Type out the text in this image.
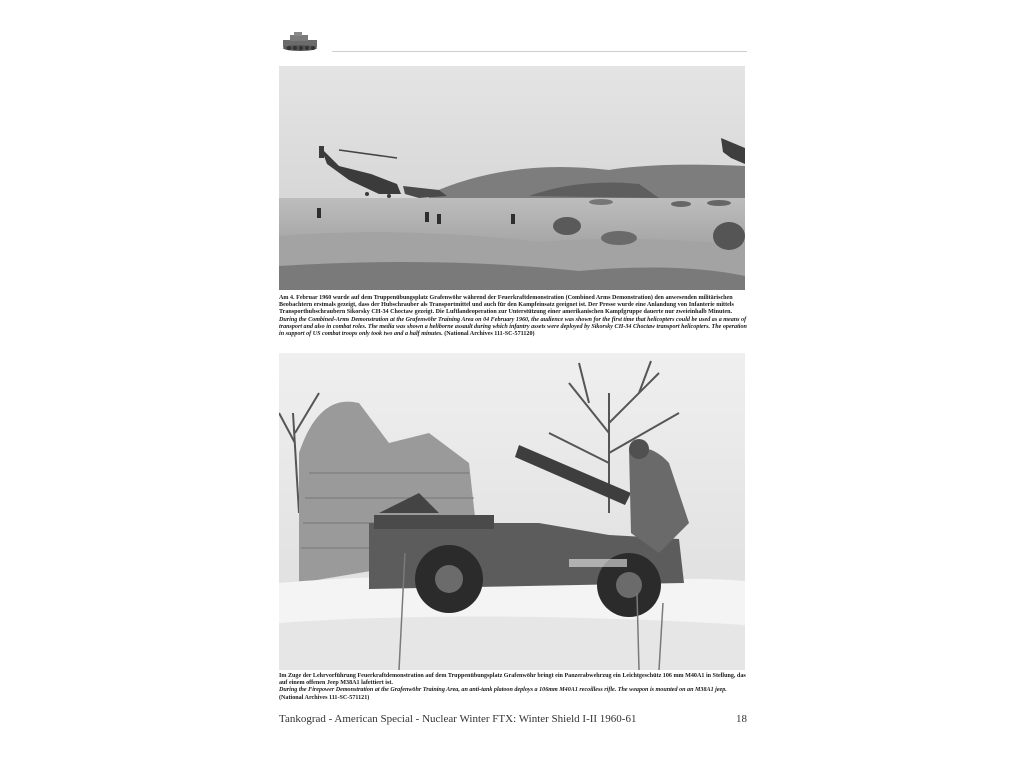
Am 4. Februar 1960 wurde auf dem Truppenübungsplatz Grafenwöhr während der Feuerkraftdemonstration (Combined Arms Demonstration) den anwesenden militärischen Beobachtern erstmals gezeigt, dass der Hubschrauber als Transportmittel und auch für den Kampfeinsatz geeignet ist. Der Presse wurde eine Anlandung von Infanterie mittels Transporthubschraubern Sikorsky CH-34 Choctaw gezeigt. Die Luftlandeoperation zur Unterstützung einer amerikanischen Kampfgruppe dauerte nur zweieinhalb Minuten.

During the Combined-Arms Demonstration at the Grafenwöhr Training Area on 04 February 1960, the audience was shown for the first time that helicopters could be used as a means of transport and also in combat roles. The media was shown a heliborne assault during which infantry assets were deployed by Sikorsky CH-34 Choctaw transport helicopters. The operation in support of US combat troops only took two and a half minutes. (National Archives 111-SC-571120)

Im Zuge der Lehrvorführung Feuerkraftdemonstration auf dem Truppenübungsplatz Grafenwöhr bringt ein Panzerabwehrzug ein Leichtgeschütz 106 mm M40A1 in Stellung, das auf einem offenen Jeep M38A1 lafettiert ist.

During the Firepower Demonstration at the Grafenwöhr Training Area, an anti-tank platoon deploys a 106mm M40A1 recoilless rifle. The weapon is mounted on an M38A1 jeep.

(National Archives 111-SC-571121)

Tankograd - American Special - Nuclear Winter FTX: Winter Shield I-II 1960-61	18
